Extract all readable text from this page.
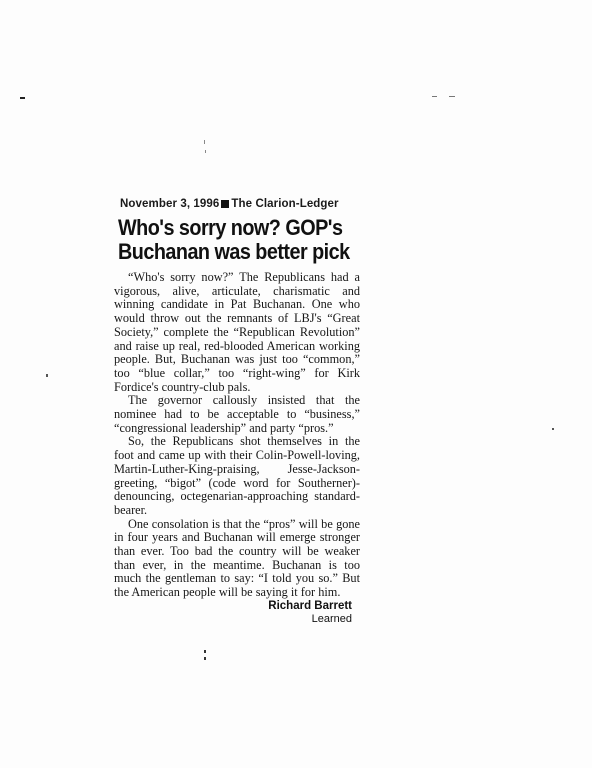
November 3, 1996 The Clarion-Ledger
Who's sorry now? GOP's
Buchanan was better pick

“Who's sorry now?” The Republicans had a vigorous, alive, articulate, charismatic and winning candidate in Pat Buchanan. One who would throw out the remnants of LBJ's “Great Society,” complete the “Republican Revolution” and raise up real, red-blooded American working people. But, Buchanan was just too “common,” too “blue collar,” too “right-wing” for Kirk Fordice's country-club pals.

The governor callously insisted that the nominee had to be acceptable to “business,” “congressional leadership” and party “pros.”

So, the Republicans shot themselves in the foot and came up with their Colin-Powell-loving, Martin-Luther-King-praising, Jesse-Jackson-greeting, “bigot” (code word for Southerner)-denouncing, octegenarian-approaching standard-bearer.

One consolation is that the “pros” will be gone in four years and Buchanan will emerge stronger than ever. Too bad the country will be weaker than ever, in the meantime. Buchanan is too much the gentleman to say: “I told you so.” But the American people will be saying it for him.

Richard Barrett
Learned
